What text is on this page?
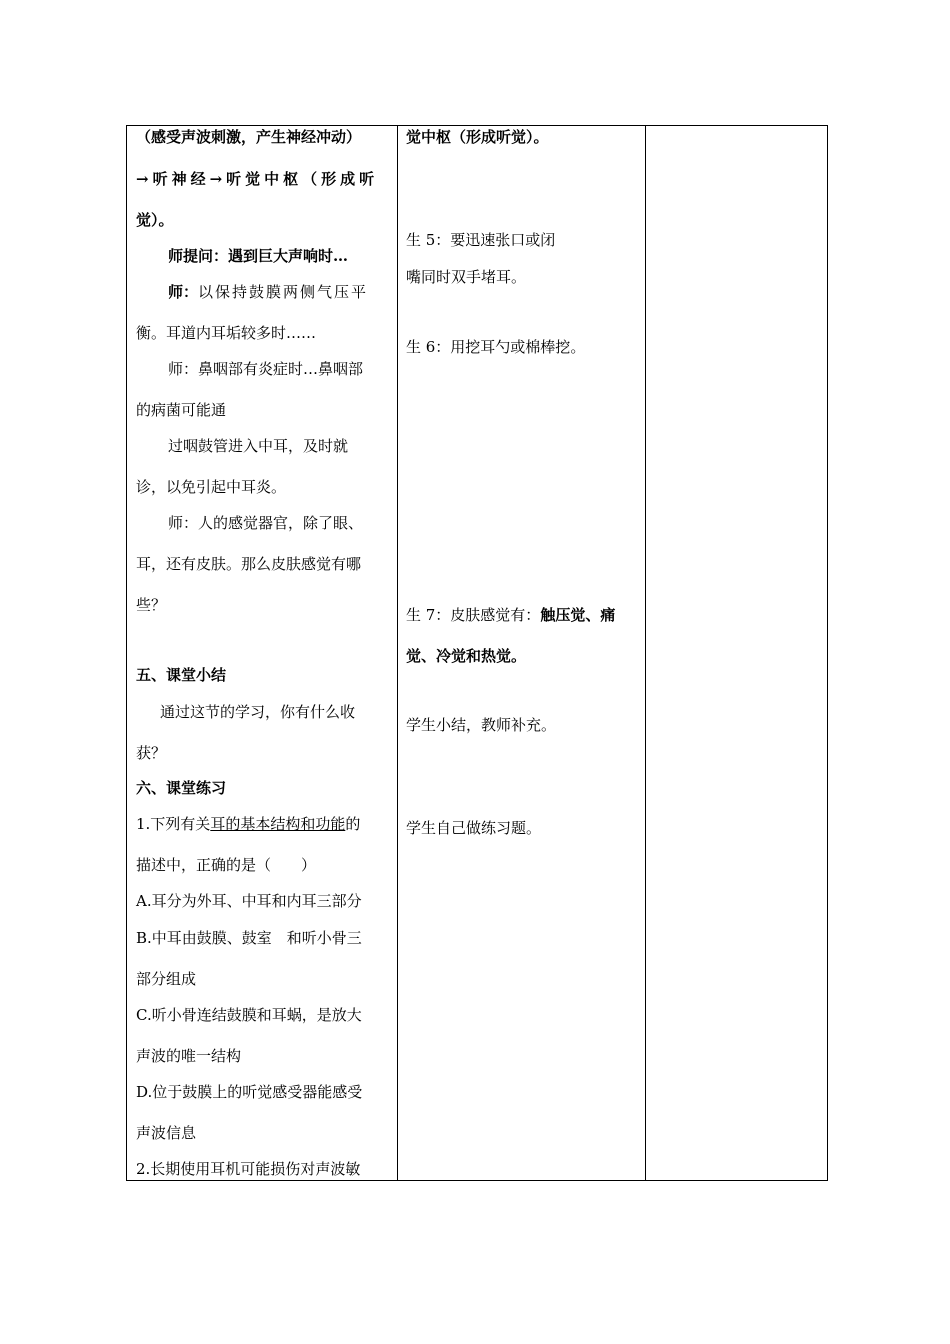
（感受声波刺激，产生神经冲动）
→听神经→听觉中枢（形成听
觉）。
师提问：遇到巨大声响时…
师：以保持鼓膜两侧气压平
衡。耳道内耳垢较多时……
师：鼻咽部有炎症时…鼻咽部
的病菌可能通
过咽鼓管进入中耳，及时就
诊，以免引起中耳炎。
师：人的感觉器官，除了眼、
耳，还有皮肤。那么皮肤感觉有哪
些？
五、课堂小结
通过这节的学习，你有什么收
获？
六、课堂练习
1.下列有关耳的基本结构和功能的
描述中，正确的是（　　）
A.耳分为外耳、中耳和内耳三部分
B.中耳由鼓膜、鼓室　和听小骨三
部分组成
C.听小骨连结鼓膜和耳蜗，是放大
声波的唯一结构
D.位于鼓膜上的听觉感受器能感受
声波信息
2.长期使用耳机可能损伤对声波敏
觉中枢（形成听觉）。
生 5：要迅速张口或闭
嘴同时双手堵耳。
生 6：用挖耳勺或棉棒挖。
生 7：皮肤感觉有：触压觉、痛
觉、冷觉和热觉。
学生小结，教师补充。
学生自己做练习题。
